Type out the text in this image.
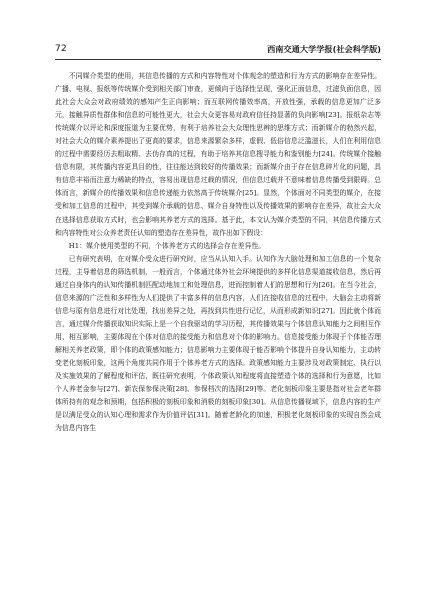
72	西南交通大学学报(社会科学版)

不同媒介类型的使用，其信息传播的方式和内容特性对个体观念的塑造和行为方式的影响存在差异性。广播、电视、报纸等传统媒介受到相关部门审查，更倾向于选择性呈现，强化正面信息，过滤负面信息，因此社会大众会对政府绩效的感知产生正向影响；而互联网传播效率高，开放性强，承载的信息更加广泛多元，接触异质性群体和信息的可能性更大，社会大众更容易对政府信任持显著的负向影响[23]。报纸杂志等传统媒介以评论和深度报道为主要优势，有利于培养社会大众理性思辨的思维方式；而新媒介的勃然兴起，对社会大众的媒介素养提出了更高的要求，信息来源繁杂多样，虚假、低俗信息泛滥滋长，人们在利用信息的过程中需要经历去粗取精、去伪存真的过程，有助于培养其信息搜寻能力和鉴别能力[24]。传统媒介接触信息有限，其传播内容更具目的性，往往能达到较好的传播效果；而新媒介由于存在信息碎片化的问题，具有信息丰裕而注意力稀缺的特点，容易出现信息过载的情况，但信息过载并不意味着信息传播受到限碍。总体而言，新媒介的传播效果和信息传递能力依然高于传统媒介[25]。显然，个体面对不同类型的媒介，在接受和加工信息的过程中，其受到媒介承载的信息、媒介自身特性以及传播效果的影响存在差异，故社会大众在选择信息获取方式时，也会影响其养老方式的选择。基于此，本文认为媒介类型的不同，其信息传播方式和内容特性对公众养老责任认知的塑造存在差异性，故作出如下假设：

H1：媒介使用类型的不同，个体养老方式的选择会存在差异性。

已有研究表明，在对媒介受众进行研究时，应当从认知入手。认知作为大脑处理和加工信息的一个复杂过程，主导着信息的筛选机制，一般而言，个体通过体外社会环境提供的多样化信息渠道接收信息，然后再通过自身体内的认知传播机制匹配动地加工和处理信息，进而控制着人们的思想和行为[26]。在当今社会，信息来源的广泛性和多样性为人们提供了丰富多样的信息内容，人们在接收信息的过程中，大脑会主动将新信息与原有信息进行对比处理，找出差异之处，再找到共性进行记忆，从而形成新知识[27]。因此就个体而言，通过媒介传播获取知识实际上是一个自我驱动的学习历程，其传播效果与个体信息认知能力之间相互作用、相互影响，主要体现在个体对信息的接受能力和信息对个体的影响力。信息接受能力体现于个体能否理解相关养老政策，即个体的政策感知能力；信息影响力主要体现于能否影响个体提升自身认知能力，主动转变老化刻板印象，这两个角度共同作用于个体养老方式的选择。政策感知能力主要涉及对政策制定、执行以及实施效果的了解程度和评估，既往研究表明，个体政策认知程度将直接塑造个体的选择和行为意愿，比如个人养老金参与[27]、新农保参保决策[28]、参保档次的选择[29]等。老化刻板印象主要是指对社会老年群体所持有的观念和预期，包括积极的刻板印象和消极的刻板印象[30]。从信息传播视域下，信息内容的生产是以满足受众的认知心理和需求作为价值评估[31]。随着老龄化的加速，积极老化刻板印象的实现自然会成为信息内容生
